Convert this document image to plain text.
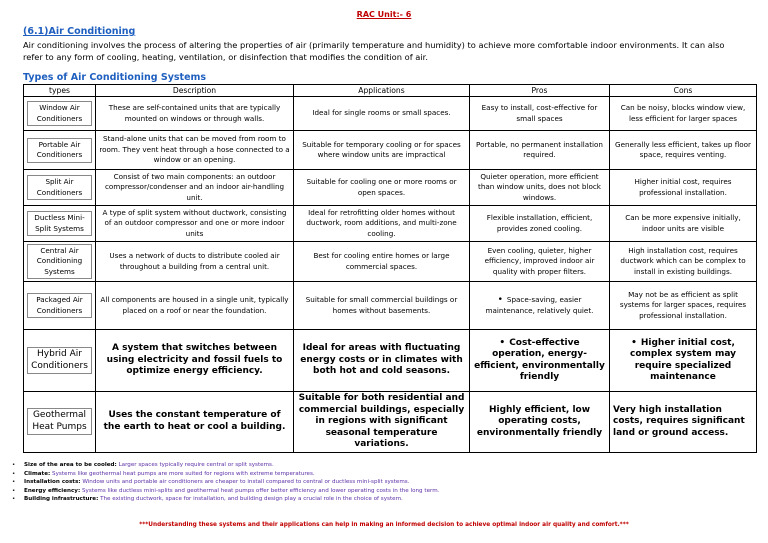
RAC Unit:- 6
(6.1)Air Conditioning
Air conditioning involves the process of altering the properties of air (primarily temperature and humidity) to achieve more comfortable indoor environments. It can also refer to any form of cooling, heating, ventilation, or disinfection that modifies the condition of air.
Types of Air Conditioning Systems
types	Description	Applications	Pros	Cons
Window Air Conditioners	These are self-contained units that are typically mounted on windows or through walls.	Ideal for single rooms or small spaces.	Easy to install, cost-effective for small spaces	Can be noisy, blocks window view, less efficient for larger spaces
Portable Air Conditioners	Stand-alone units that can be moved from room to room. They vent heat through a hose connected to a window or an opening.	Suitable for temporary cooling or for spaces where window units are impractical	Portable, no permanent installation required.	Generally less efficient, takes up floor space, requires venting.
Split Air Conditioners	Consist of two main components: an outdoor compressor/condenser and an indoor air-handling unit.	Suitable for cooling one or more rooms or open spaces.	Quieter operation, more efficient than window units, does not block windows.	Higher initial cost, requires professional installation.
Ductless Mini-Split Systems	A type of split system without ductwork, consisting of an outdoor compressor and one or more indoor units	Ideal for retrofitting older homes without ductwork, room additions, and multi-zone cooling.	Flexible installation, efficient, provides zoned cooling.	Can be more expensive initially, indoor units are visible
Central Air Conditioning Systems	Uses a network of ducts to distribute cooled air throughout a building from a central unit.	Best for cooling entire homes or large commercial spaces.	Even cooling, quieter, higher efficiency, improved indoor air quality with proper filters.	High installation cost, requires ductwork which can be complex to install in existing buildings.
Packaged Air Conditioners	All components are housed in a single unit, typically placed on a roof or near the foundation.	Suitable for small commercial buildings or homes without basements.	• Space-saving, easier maintenance, relatively quiet.	May not be as efficient as split systems for larger spaces, requires professional installation.
Hybrid Air Conditioners	A system that switches between using electricity and fossil fuels to optimize energy efficiency.	Ideal for areas with fluctuating energy costs or in climates with both hot and cold seasons.	• Cost-effective operation, energy-efficient, environmentally friendly	• Higher initial cost, complex system may require specialized maintenance
Geothermal Heat Pumps	Uses the constant temperature of the earth to heat or cool a building.	Suitable for both residential and commercial buildings, especially in regions with significant seasonal temperature variations.	Highly efficient, low operating costs, environmentally friendly	Very high installation costs, requires significant land or ground access.
• Size of the area to be cooled: Larger spaces typically require central or split systems.
• Climate: Systems like geothermal heat pumps are more suited for regions with extreme temperatures.
• Installation costs: Window units and portable air conditioners are cheaper to install compared to central or ductless mini-split systems.
• Energy efficiency: Systems like ductless mini-splits and geothermal heat pumps offer better efficiency and lower operating costs in the long term.
• Building infrastructure: The existing ductwork, space for installation, and building design play a crucial role in the choice of system.
***Understanding these systems and their applications can help in making an informed decision to achieve optimal indoor air quality and comfort.***
